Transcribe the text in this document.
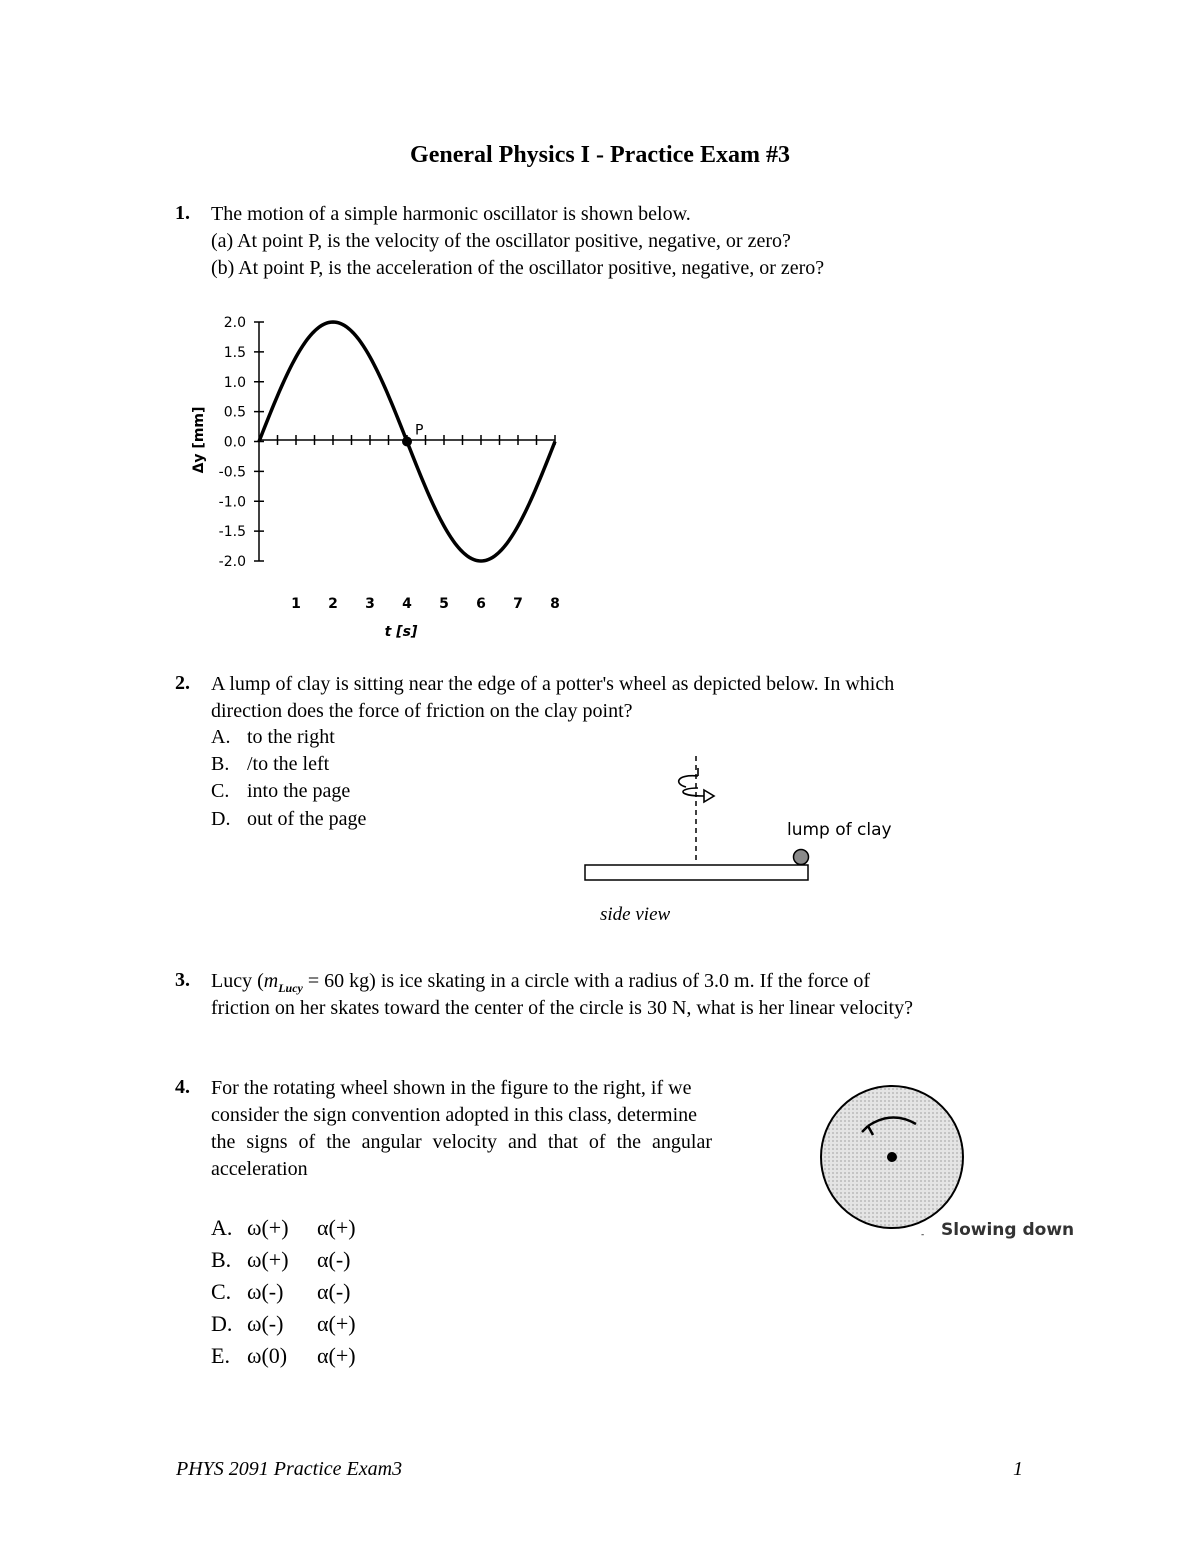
General Physics I - Practice Exam #3
1. The motion of a simple harmonic oscillator is shown below.
(a) At point P, is the velocity of the oscillator positive, negative, or zero?
(b) At point P, is the acceleration of the oscillator positive, negative, or zero?
2.0
1.5
1.0
0.5
0.0
-0.5
-1.0
-1.5
-2.0
1 2 3 4 5 6 7 8
P
t [s]
Δy [mm]
2. A lump of clay is sitting near the edge of a potter's wheel as depicted below. In which
direction does the force of friction on the clay point?
A. to the right
B. /to the left
C. into the page
D. out of the page	lump of clay
side view
3. Lucy ($m_{Lucy} = 60$ kg) is ice skating in a circle with a radius of 3.0 m. If the force of
friction on her skates toward the center of the circle is 30 N, what is her linear velocity?
4. For the rotating wheel shown in the figure to the right, if we
consider the sign convention adopted in this class, determine
the signs of the angular velocity and that of the angular
acceleration
A. ω(+) α(+)
B. ω(+) α(-)
C. ω(-) α(-)
D. ω(-) α(+)
E. ω(0) α(+)
- Slowing down
PHYS 2091 Practice Exam3	1
